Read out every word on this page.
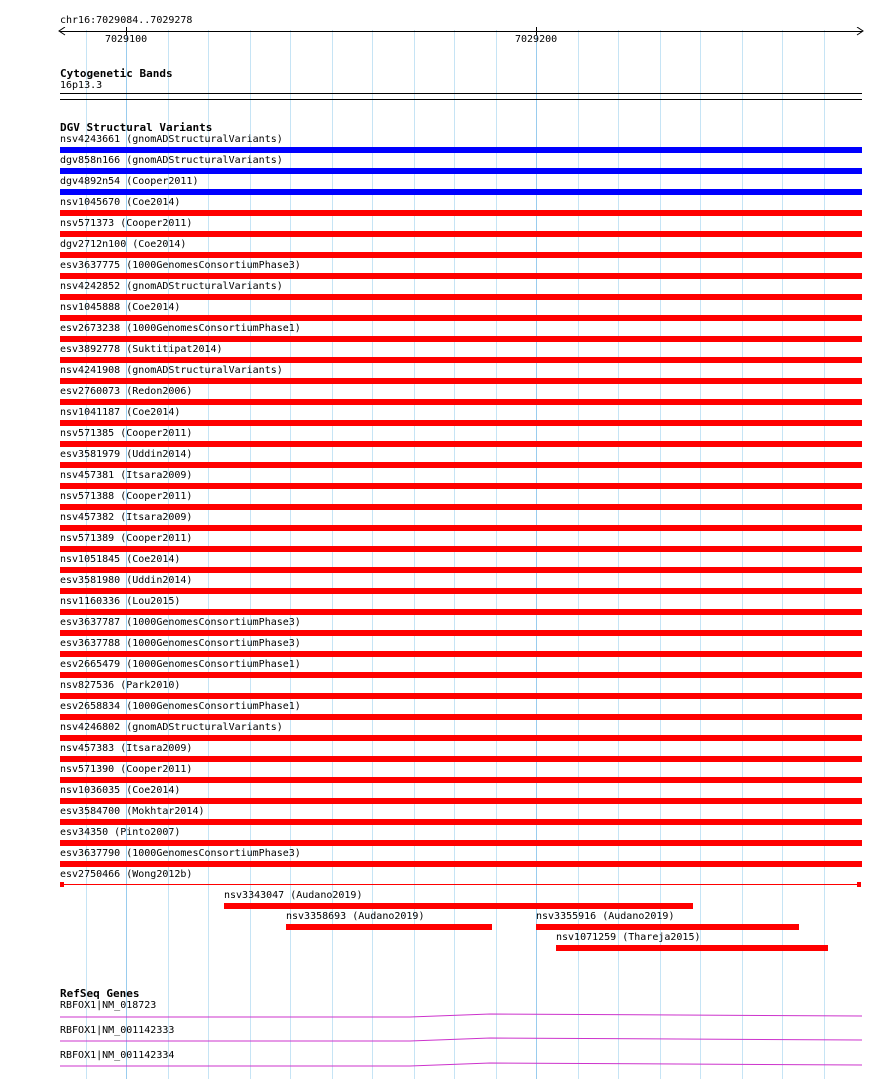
chr16:7029084..7029278
7029100	7029200
Cytogenetic Bands
16p13.3
DGV Structural Variants
nsv4243661 (gnomADStructuralVariants)
dgv858n166 (gnomADStructuralVariants)
dgv4892n54 (Cooper2011)
nsv1045670 (Coe2014)
nsv571373 (Cooper2011)
dgv2712n100 (Coe2014)
esv3637775 (1000GenomesConsortiumPhase3)
nsv4242852 (gnomADStructuralVariants)
nsv1045888 (Coe2014)
esv2673238 (1000GenomesConsortiumPhase1)
esv3892778 (Suktitipat2014)
nsv4241908 (gnomADStructuralVariants)
esv2760073 (Redon2006)
nsv1041187 (Coe2014)
nsv571385 (Cooper2011)
esv3581979 (Uddin2014)
nsv457381 (Itsara2009)
nsv571388 (Cooper2011)
nsv457382 (Itsara2009)
nsv571389 (Cooper2011)
nsv1051845 (Coe2014)
esv3581980 (Uddin2014)
nsv1160336 (Lou2015)
esv3637787 (1000GenomesConsortiumPhase3)
esv3637788 (1000GenomesConsortiumPhase3)
esv2665479 (1000GenomesConsortiumPhase1)
nsv827536 (Park2010)
esv2658834 (1000GenomesConsortiumPhase1)
nsv4246802 (gnomADStructuralVariants)
nsv457383 (Itsara2009)
nsv571390 (Cooper2011)
nsv1036035 (Coe2014)
esv3584700 (Mokhtar2014)
esv34350 (Pinto2007)
esv3637790 (1000GenomesConsortiumPhase3)
esv2750466 (Wong2012b)
nsv3343047 (Audano2019)
nsv3358693 (Audano2019)	nsv3355916 (Audano2019)
nsv1071259 (Thareja2015)
RefSeq Genes
RBFOX1|NM_018723
RBFOX1|NM_001142333
RBFOX1|NM_001142334
